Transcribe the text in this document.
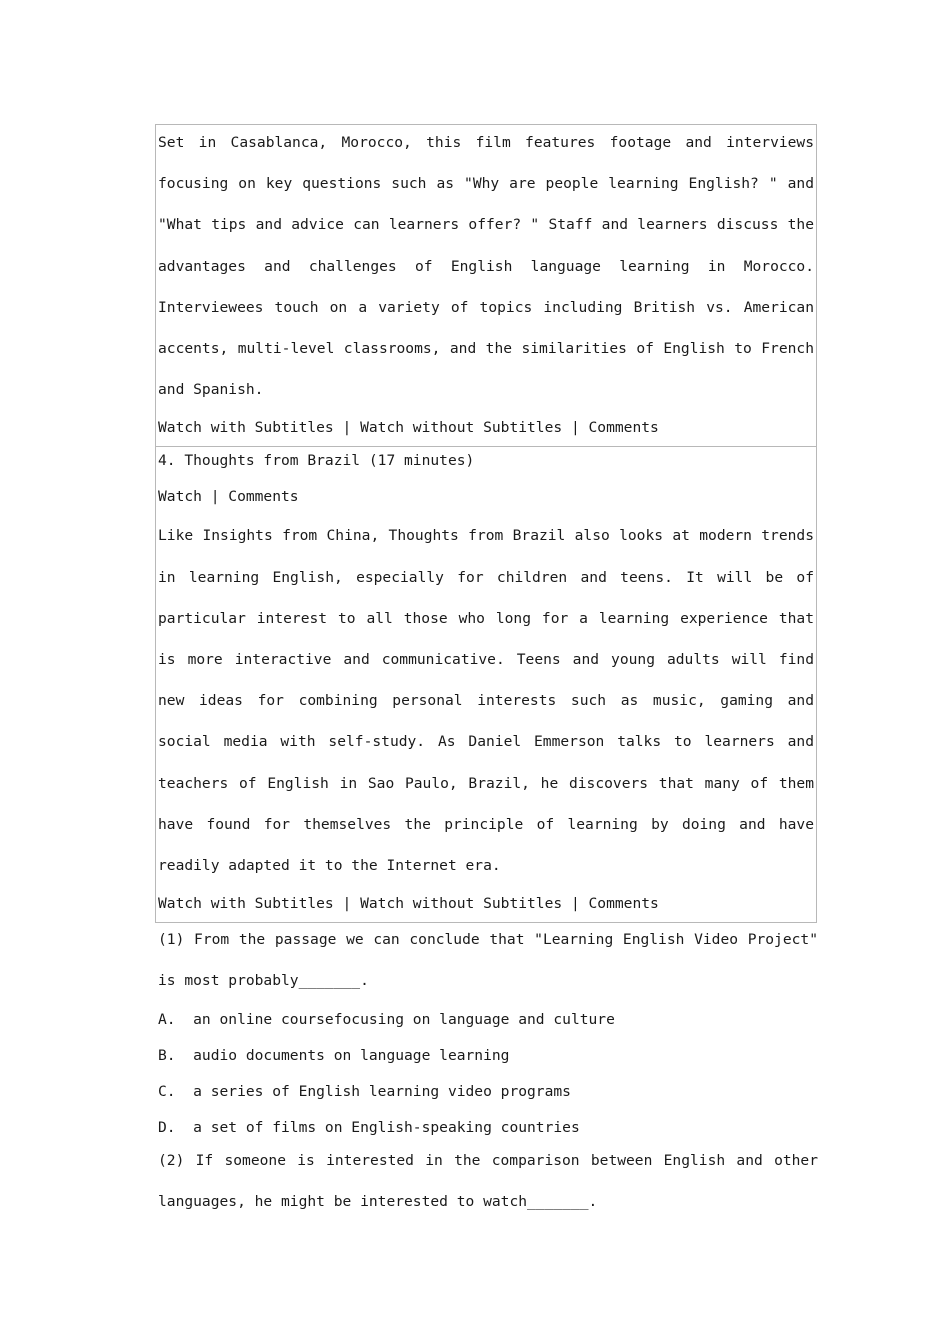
Set in Casablanca, Morocco, this film features footage and interviews focusing on key questions such as "Why are people learning English? " and "What tips and advice can learners offer? " Staff and learners discuss the advantages and challenges of English language learning in Morocco. Interviewees touch on a variety of topics including British vs. American accents, multi-level classrooms, and the similarities of English to French and Spanish.

Watch with Subtitles | Watch without Subtitles | Comments

4. Thoughts from Brazil (17 minutes)

Watch | Comments

Like Insights from China, Thoughts from Brazil also looks at modern trends in learning English, especially for children and teens. It will be of particular interest to all those who long for a learning experience that is more interactive and communicative. Teens and young adults will find new ideas for combining personal interests such as music, gaming and social media with self-study. As Daniel Emmerson talks to learners and teachers of English in Sao Paulo, Brazil, he discovers that many of them have found for themselves the principle of learning by doing and have readily adapted it to the Internet era.

Watch with Subtitles | Watch without Subtitles | Comments

(1) From the passage we can conclude that "Learning English Video Project" is most probably_______.

A.  an online coursefocusing on language and culture

B.  audio documents on language learning

C.  a series of English learning video programs

D.  a set of films on English-speaking countries

(2) If someone is interested in the comparison between English and other languages, he might be interested to watch_______.
